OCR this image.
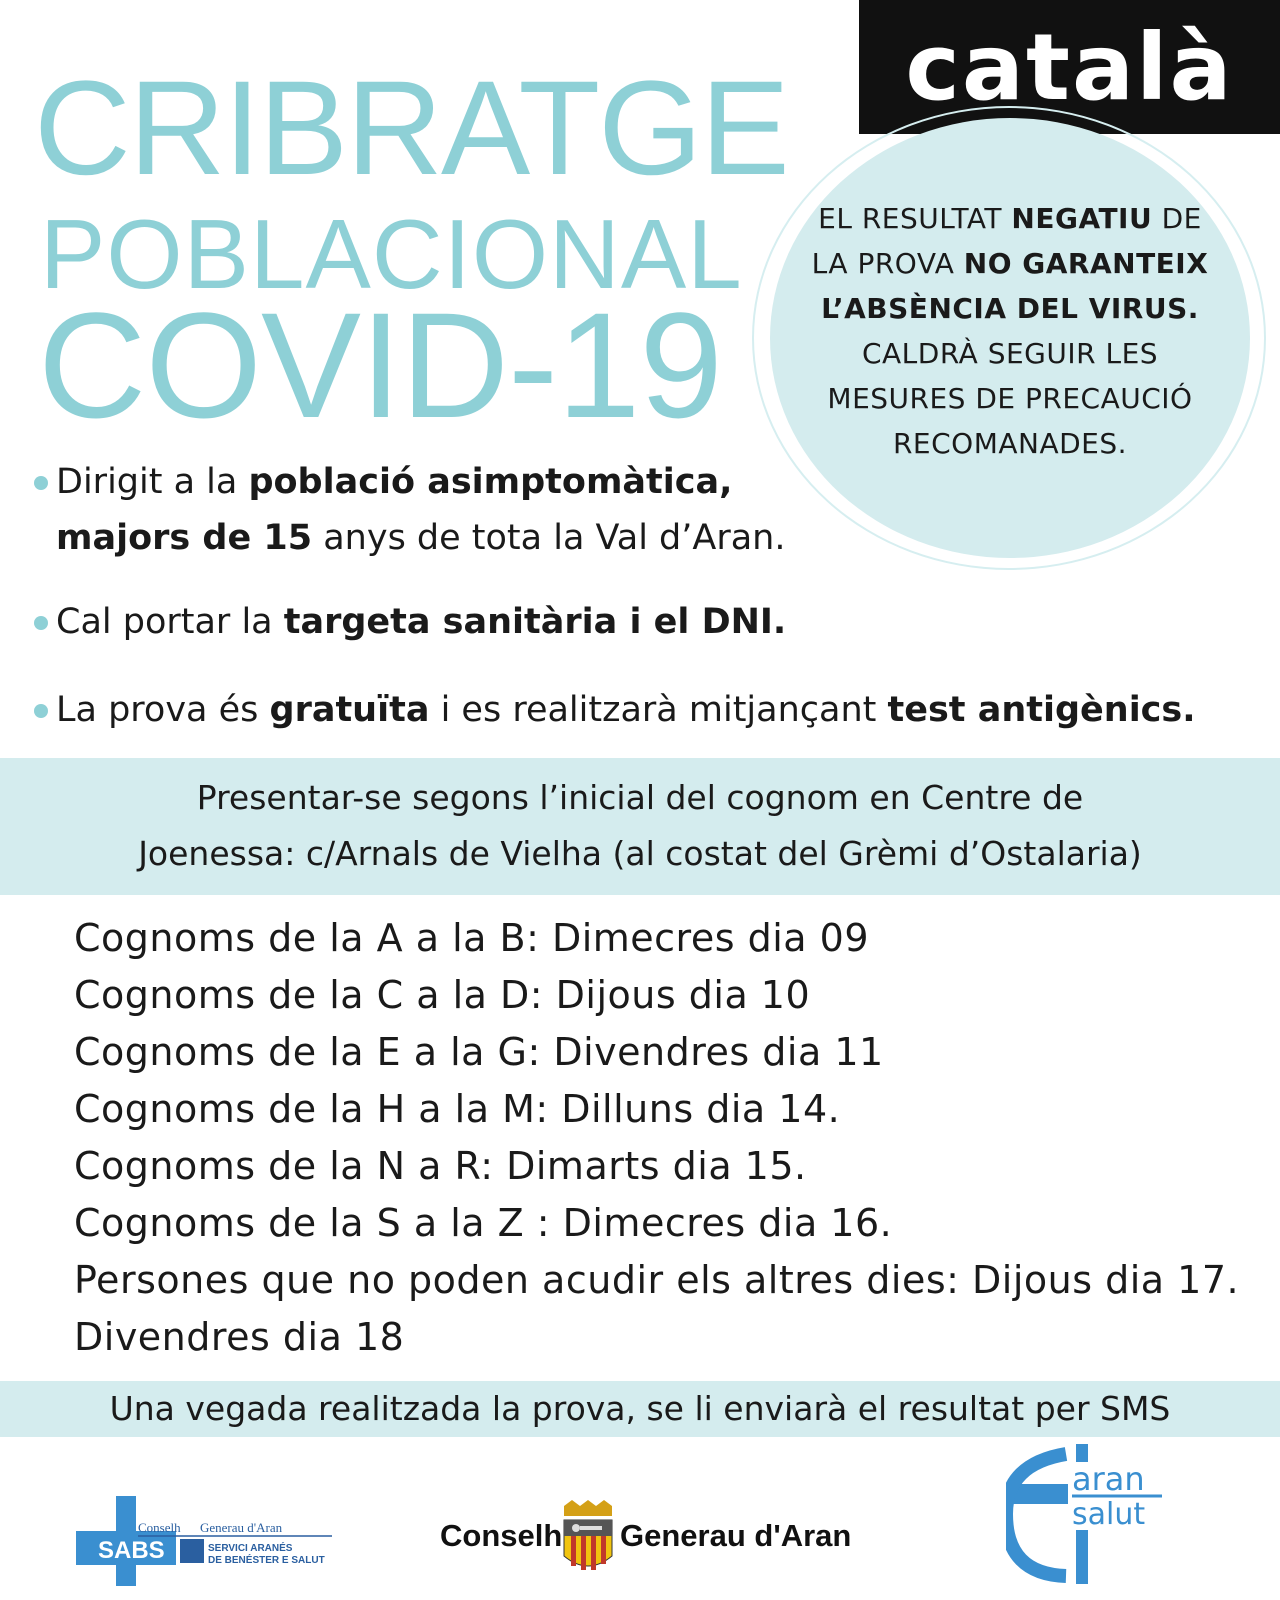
català
CRIBRATGE
POBLACIONAL
COVID-19
EL RESULTAT NEGATIU DE
LA PROVA NO GARANTEIX
L’ABSÈNCIA DEL VIRUS.
CALDRÀ SEGUIR LES
MESURES DE PRECAUCIÓ
RECOMANADES.
Dirigit a la població asimptomàtica,
majors de 15 anys de tota la Val d’Aran.
Cal portar la targeta sanitària i el DNI.
La prova és gratuïta i es realitzarà mitjançant test antigènics.
Presentar-se segons l’inicial del cognom en Centre de
Joenessa: c/Arnals de Vielha (al costat del Grèmi d’Ostalaria)
Cognoms de la A a la B: Dimecres dia 09
Cognoms de la C a la D: Dijous dia 10
Cognoms de la E a la G: Divendres dia 11
Cognoms de la H a la M: Dilluns dia 14.
Cognoms de la N a R: Dimarts dia 15.
Cognoms de la S a la Z : Dimecres dia 16.
Persones que no poden acudir els altres dies: Dijous dia 17.
Divendres dia 18
Una vegada realitzada la prova, se li enviarà el resultat per SMS
SABS
Conselh Generau d'Aran
SERVICI ARANÉS
DE BENÉSTER E SALUT
Conselh Generau d'Aran
aran
salut
